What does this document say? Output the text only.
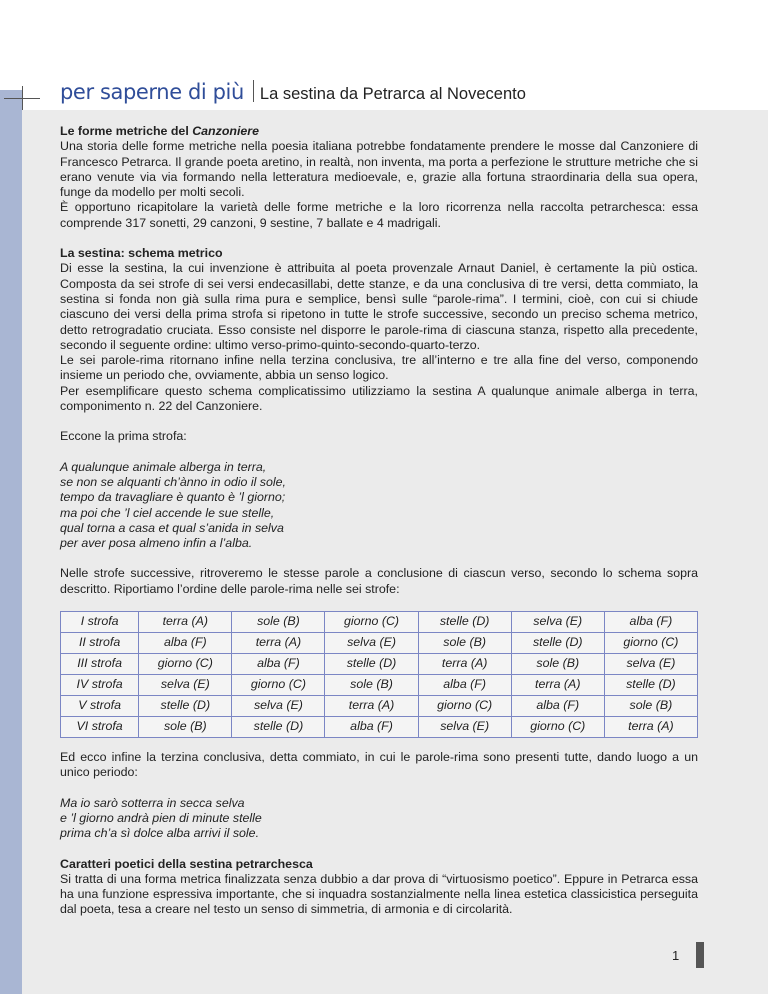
per saperne di più La sestina da Petrarca al Novecento
Le forme metriche del Canzoniere

Una storia delle forme metriche nella poesia italiana potrebbe fondatamente prendere le mosse dal Canzoniere di Francesco Petrarca. Il grande poeta aretino, in realtà, non inventa, ma porta a perfezione le strutture metriche che si erano venute via via formando nella letteratura medioevale, e, grazie alla fortuna straordinaria della sua opera, funge da modello per molti secoli.

È opportuno ricapitolare la varietà delle forme metriche e la loro ricorrenza nella raccolta petrarchesca: essa comprende 317 sonetti, 29 canzoni, 9 sestine, 7 ballate e 4 madrigali.

La sestina: schema metrico

Di esse la sestina, la cui invenzione è attribuita al poeta provenzale Arnaut Daniel, è certamente la più ostica. Composta da sei strofe di sei versi endecasillabi, dette stanze, e da una conclusiva di tre versi, detta commiato, la sestina si fonda non già sulla rima pura e semplice, bensì sulle “parole-rima”. I termini, cioè, con cui si chiude ciascuno dei versi della prima strofa si ripetono in tutte le strofe successive, secondo un preciso schema metrico, detto retrogradatio cruciata. Esso consiste nel disporre le parole-rima di ciascuna stanza, rispetto alla precedente, secondo il seguente ordine: ultimo verso-primo-quinto-secondo-quarto-terzo.

Le sei parole-rima ritornano infine nella terzina conclusiva, tre all’interno e tre alla fine del verso, componendo insieme un periodo che, ovviamente, abbia un senso logico.

Per esemplificare questo schema complicatissimo utilizziamo la sestina A qualunque animale alberga in terra, componimento n. 22 del Canzoniere.

Eccone la prima strofa:

A qualunque animale alberga in terra,
se non se alquanti ch’ànno in odio il sole,
tempo da travagliare è quanto è ’l giorno;
ma poi che ’l ciel accende le sue stelle,
qual torna a casa et qual s’anida in selva
per aver posa almeno infin a l’alba.

Nelle strofe successive, ritroveremo le stesse parole a conclusione di ciascun verso, secondo lo schema sopra descritto. Riportiamo l’ordine delle parole-rima nelle sei strofe:

I strofa	terra (A)	sole (B)	giorno (C)	stelle (D)	selva (E)	alba (F)
II strofa	alba (F)	terra (A)	selva (E)	sole (B)	stelle (D)	giorno (C)
III strofa	giorno (C)	alba (F)	stelle (D)	terra (A)	sole (B)	selva (E)
IV strofa	selva (E)	giorno (C)	sole (B)	alba (F)	terra (A)	stelle (D)
V strofa	stelle (D)	selva (E)	terra (A)	giorno (C)	alba (F)	sole (B)
VI strofa	sole (B)	stelle (D)	alba (F)	selva (E)	giorno (C)	terra (A)

Ed ecco infine la terzina conclusiva, detta commiato, in cui le parole-rima sono presenti tutte, dando luogo a un unico periodo:

Ma io sarò sotterra in secca selva
e ’l giorno andrà pien di minute stelle
prima ch’a sì dolce alba arrivi il sole.
Caratteri poetici della sestina petrarchesca

Si tratta di una forma metrica finalizzata senza dubbio a dar prova di “virtuosismo poetico”. Eppure in Petrarca essa ha una funzione espressiva importante, che si inquadra sostanzialmente nella linea estetica classicistica perseguita dal poeta, tesa a creare nel testo un senso di simmetria, di armonia e di circolarità.

1
